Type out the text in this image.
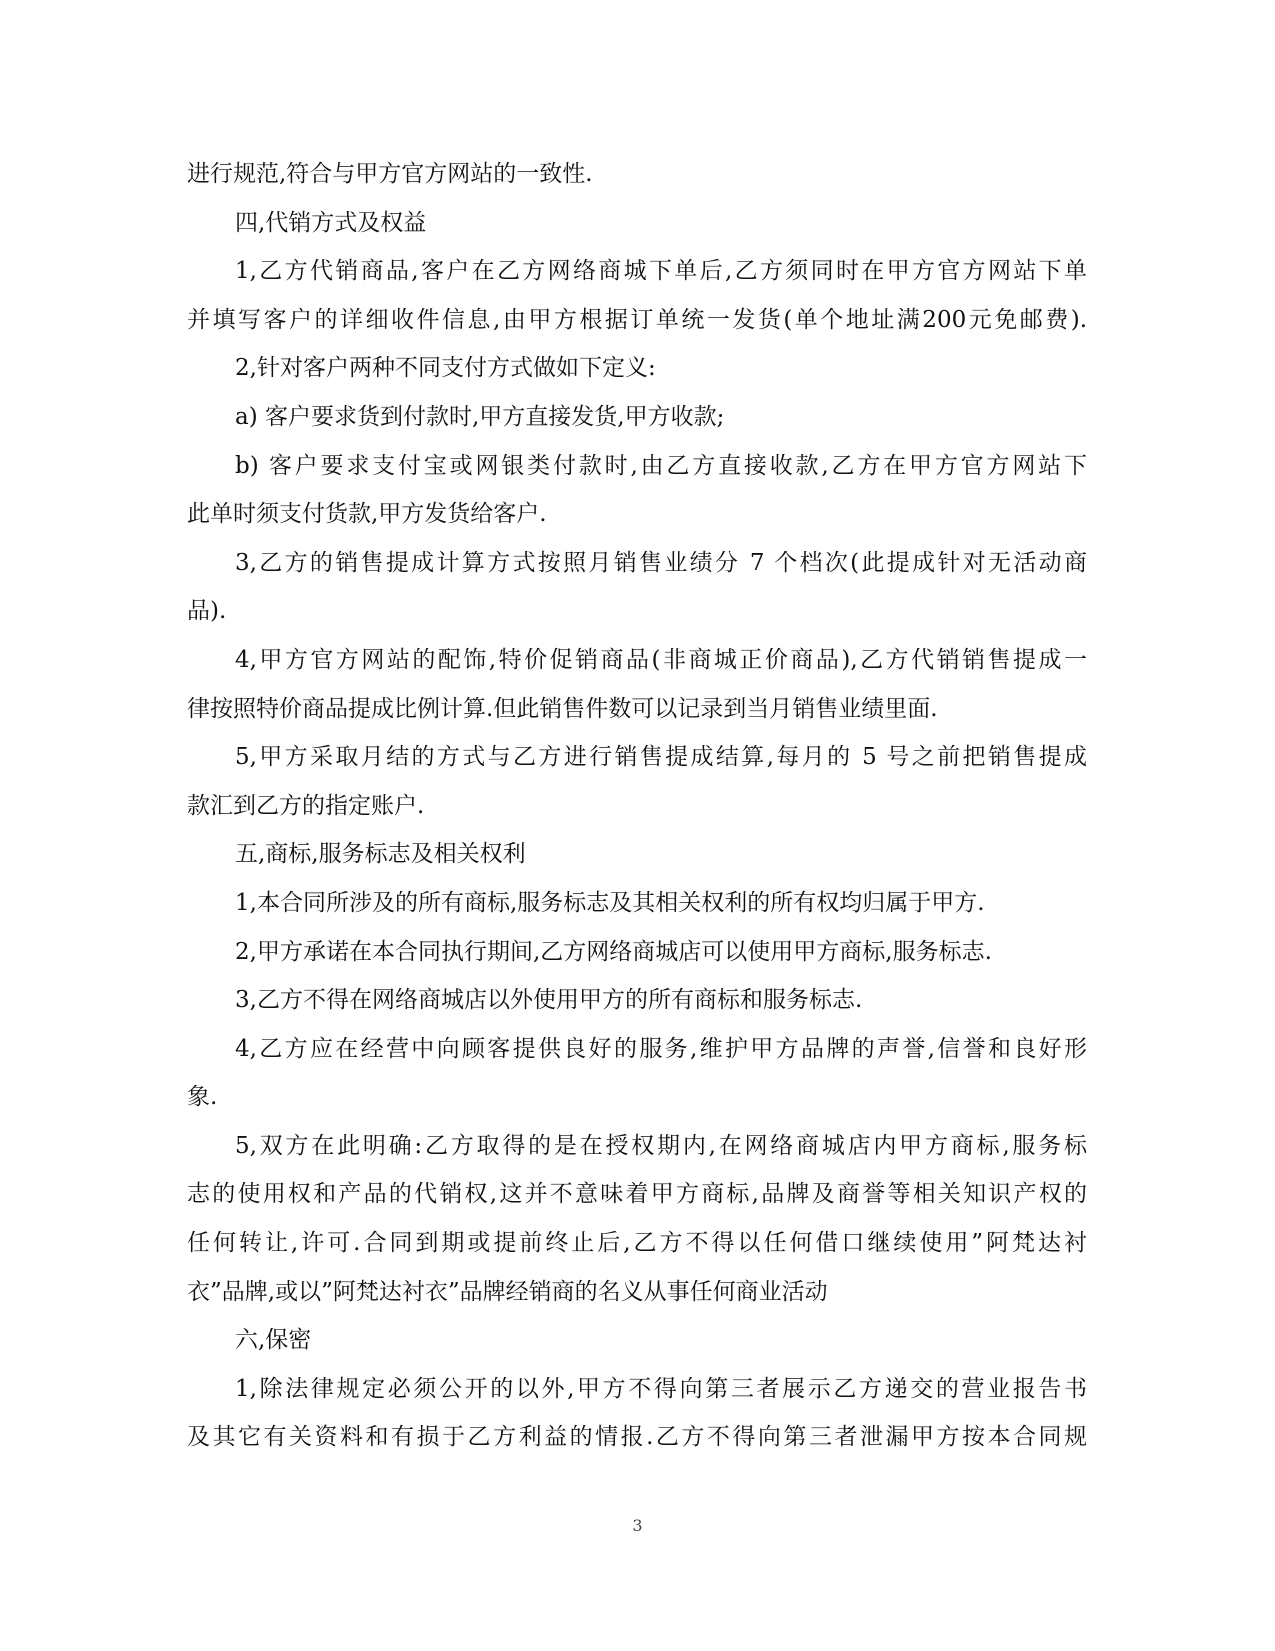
进行规范,符合与甲方官方网站的一致性.
四,代销方式及权益
1,乙方代销商品,客户在乙方网络商城下单后,乙方须同时在甲方官方网站下单
并填写客户的详细收件信息,由甲方根据订单统一发货(单个地址满200元免邮费).
2,针对客户两种不同支付方式做如下定义:
a) 客户要求货到付款时,甲方直接发货,甲方收款;
b) 客户要求支付宝或网银类付款时,由乙方直接收款,乙方在甲方官方网站下
此单时须支付货款,甲方发货给客户.
3,乙方的销售提成计算方式按照月销售业绩分 7 个档次(此提成针对无活动商
品).
4,甲方官方网站的配饰,特价促销商品(非商城正价商品),乙方代销销售提成一
律按照特价商品提成比例计算.但此销售件数可以记录到当月销售业绩里面.
5,甲方采取月结的方式与乙方进行销售提成结算,每月的 5 号之前把销售提成
款汇到乙方的指定账户.
五,商标,服务标志及相关权利
1,本合同所涉及的所有商标,服务标志及其相关权利的所有权均归属于甲方.
2,甲方承诺在本合同执行期间,乙方网络商城店可以使用甲方商标,服务标志.
3,乙方不得在网络商城店以外使用甲方的所有商标和服务标志.
4,乙方应在经营中向顾客提供良好的服务,维护甲方品牌的声誉,信誉和良好形
象.
5,双方在此明确:乙方取得的是在授权期内,在网络商城店内甲方商标,服务标
志的使用权和产品的代销权,这并不意味着甲方商标,品牌及商誉等相关知识产权的
任何转让,许可.合同到期或提前终止后,乙方不得以任何借口继续使用”阿梵达衬
衣”品牌,或以”阿梵达衬衣”品牌经销商的名义从事任何商业活动
六,保密
1,除法律规定必须公开的以外,甲方不得向第三者展示乙方递交的营业报告书
及其它有关资料和有损于乙方利益的情报.乙方不得向第三者泄漏甲方按本合同规
3
